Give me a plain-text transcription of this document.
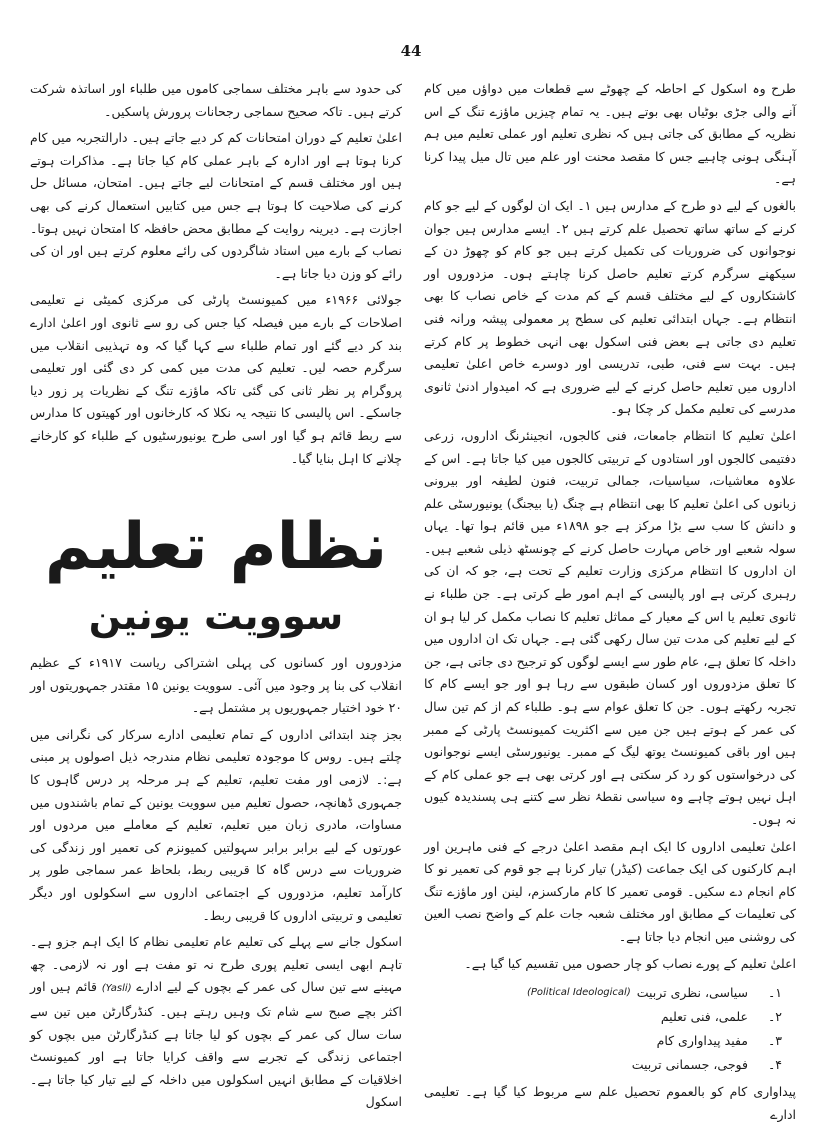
44

طرح وہ اسکول کے احاطہ کے چھوٹے سے قطعات میں دواؤں میں کام آنے والی جڑی بوٹیاں بھی بوتے ہیں۔ یہ تمام چیزیں ماؤزے تنگ کے اس نظریہ کے مطابق کی جاتی ہیں کہ نظری تعلیم اور عملی تعلیم میں ہم آہنگی ہونی چاہیے جس کا مقصد محنت اور علم میں تال میل پیدا کرنا ہے۔

بالغوں کے لیے دو طرح کے مدارس ہیں ۱۔ ایک ان لوگوں کے لیے جو کام کرنے کے ساتھ ساتھ تحصیل علم کرتے ہیں ۲۔ ایسے مدارس ہیں جوان نوجوانوں کی ضروریات کی تکمیل کرتے ہیں جو کام کو چھوڑ دن کے سیکھنے سرگرم کرتے تعلیم حاصل کرنا چاہتے ہوں۔ مزدوروں اور کاشتکاروں کے لیے مختلف قسم کے کم مدت کے خاص نصاب کا بھی انتظام ہے۔ جہاں ابتدائی تعلیم کی سطح پر معمولی پیشہ ورانہ فنی تعلیم دی جاتی ہے بعض فنی اسکول بھی انہی خطوط پر کام کرتے ہیں۔ بہت سے فنی، طبی، تدریسی اور دوسرے خاص اعلیٰ تعلیمی اداروں میں تعلیم حاصل کرنے کے لیے ضروری ہے کہ امیدوار ادنیٰ ثانوی مدرسے کی تعلیم مکمل کر چکا ہو۔

اعلیٰ تعلیم کا انتظام جامعات، فنی کالجوں، انجینئرنگ اداروں، زرعی دفتیمی کالجوں اور استادوں کے تربیتی کالجوں میں کیا جاتا ہے۔ اس کے علاوہ معاشیات، سیاسیات، جمالی تربیت، فنون لطیفہ اور بیرونی زبانوں کی اعلیٰ تعلیم کا بھی انتظام ہے چنگ (یا بیجنگ) یونیورسٹی علم و دانش کا سب سے بڑا مرکز ہے جو ۱۸۹۸ء میں قائم ہوا تھا۔ یہاں سولہ شعبے اور خاص مہارت حاصل کرنے کے چونسٹھ ذیلی شعبے ہیں۔ ان اداروں کا انتظام مرکزی وزارت تعلیم کے تحت ہے، جو کہ ان کی رہبری کرتی ہے اور پالیسی کے اہم امور طے کرتی ہے۔ جن طلباء نے ثانوی تعلیم یا اس کے معیار کے مماثل تعلیم کا نصاب مکمل کر لیا ہو ان کے لیے تعلیم کی مدت تین سال رکھی گئی ہے۔ جہاں تک ان اداروں میں داخلہ کا تعلق ہے، عام طور سے ایسے لوگوں کو ترجیح دی جاتی ہے، جن کا تعلق مزدوروں اور کسان طبقوں سے رہا ہو اور جو ایسے کام کا تجربہ رکھتے ہوں۔ جن کا تعلق عوام سے ہو۔ طلباء کم از کم تین سال کی عمر کے ہوتے ہیں جن میں سے اکثریت کمیونسٹ پارٹی کے ممبر ہیں اور باقی کمیونسٹ یوتھ لیگ کے ممبر۔ یونیورسٹی ایسے نوجوانوں کی درخواستوں کو رد کر سکتی ہے اور کرتی بھی ہے جو عملی کام کے اہل نہیں ہوتے چاہے وہ سیاسی نقطۂ نظر سے کتنے ہی پسندیدہ کیوں نہ ہوں۔

اعلیٰ تعلیمی اداروں کا ایک اہم مقصد اعلیٰ درجے کے فنی ماہرین اور اہم کارکنوں کی ایک جماعت (کیڈر) تیار کرنا ہے جو قوم کی تعمیر نو کا کام انجام دے سکیں۔ قومی تعمیر کا کام مارکسزم، لینن اور ماؤزے تنگ کی تعلیمات کے مطابق اور مختلف شعبہ جات علم کے واضح نصب العین کی روشنی میں انجام دیا جاتا ہے۔

اعلیٰ تعلیم کے پورے نصاب کو چار حصوں میں تقسیم کیا گیا ہے۔

۱۔
سیاسی، نظری تربیت
(Political Ideological)
۲۔
علمی، فنی تعلیم
۳۔
مفید پیداواری کام
۴۔
فوجی، جسمانی تربیت

پیداواری کام کو بالعموم تحصیل علم سے مربوط کیا گیا ہے۔ تعلیمی ادارے

کی حدود سے باہر مختلف سماجی کاموں میں طلباء اور اساتذہ شرکت کرتے ہیں۔ تاکہ صحیح سماجی رجحانات پرورش پاسکیں۔

اعلیٰ تعلیم کے دوران امتحانات کم کر دیے جاتے ہیں۔ دارالتجربہ میں کام کرنا ہوتا ہے اور ادارہ کے باہر عملی کام کیا جاتا ہے۔ مذاکرات ہوتے ہیں اور مختلف قسم کے امتحانات لیے جاتے ہیں۔ امتحان، مسائل حل کرنے کی صلاحیت کا ہوتا ہے جس میں کتابیں استعمال کرنے کی بھی اجازت ہے۔ دیرینہ روایت کے مطابق محض حافظہ کا امتحان نہیں ہوتا۔ نصاب کے بارے میں استاد شاگردوں کی رائے معلوم کرتے ہیں اور ان کی رائے کو وزن دیا جاتا ہے۔

جولائی ۱۹۶۶ء میں کمیونسٹ پارٹی کی مرکزی کمیٹی نے تعلیمی اصلاحات کے بارے میں فیصلہ کیا جس کی رو سے ثانوی اور اعلیٰ ادارے بند کر دیے گئے اور تمام طلباء سے کہا گیا کہ وہ تہذیبی انقلاب میں سرگرم حصہ لیں۔ تعلیم کی مدت میں کمی کر دی گئی اور تعلیمی پروگرام پر نظر ثانی کی گئی تاکہ ماؤزے تنگ کے نظریات پر زور دیا جاسکے۔ اس پالیسی کا نتیجہ یہ نکلا کہ کارخانوں اور کھیتوں کا مدارس سے ربط قائم ہو گیا اور اسی طرح یونیورسٹیوں کے طلباء کو کارخانے چلانے کا اہل بنایا گیا۔

نظام تعلیم
سوویت یونین

مزدوروں اور کسانوں کی پہلی اشتراکی ریاست ۱۹۱۷ء کے عظیم انقلاب کی بنا پر وجود میں آئی۔ سوویت یونین ۱۵ مقتدر جمہوریتوں اور ۲۰ خود اختیار جمہوریوں پر مشتمل ہے۔

بجز چند ابتدائی اداروں کے تمام تعلیمی ادارے سرکار کی نگرانی میں چلتے ہیں۔ روس کا موجودہ تعلیمی نظام مندرجہ ذیل اصولوں پر مبنی ہے:۔ لازمی اور مفت تعلیم، تعلیم کے ہر مرحلہ پر درس گاہوں کا جمہوری ڈھانچہ، حصول تعلیم میں سوویت یونین کے تمام باشندوں میں مساوات، مادری زبان میں تعلیم، تعلیم کے معاملے میں مردوں اور عورتوں کے لیے برابر برابر سہولتیں کمیونزم کی تعمیر اور زندگی کی ضروریات سے درس گاہ کا قریبی ربط، بلحاظ عمر سماجی طور پر کارآمد تعلیم، مزدوروں کے اجتماعی اداروں سے اسکولوں اور دیگر تعلیمی و تربیتی اداروں کا قریبی ربط۔

اسکول جانے سے پہلے کی تعلیم عام تعلیمی نظام کا ایک اہم جزو ہے۔ تاہم ابھی ایسی تعلیم پوری طرح نہ تو مفت ہے اور نہ لازمی۔ چھ مہینے سے تین سال کی عمر کے بچوں کے لیے ادارے (Yasli) قائم ہیں اور اکثر بچے صبح سے شام تک وہیں رہتے ہیں۔ کنڈرگارٹن میں تین سے سات سال کی عمر کے بچوں کو لیا جاتا ہے کنڈرگارٹن میں بچوں کو اجتماعی زندگی کے تجربے سے واقف کرایا جاتا ہے اور کمیونسٹ اخلاقیات کے مطابق انہیں اسکولوں میں داخلہ کے لیے تیار کیا جاتا ہے۔ اسکول
